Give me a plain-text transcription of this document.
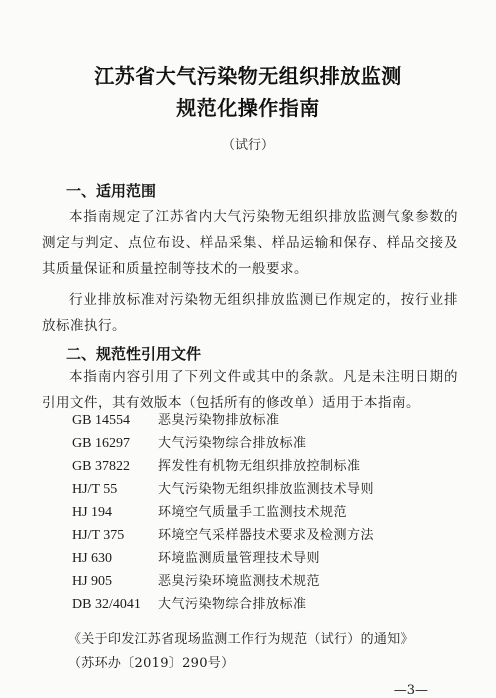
江苏省大气污染物无组织排放监测
规范化操作指南
（试行）
一、适用范围
本指南规定了江苏省内大气污染物无组织排放监测气象参数的测定与判定、点位布设、样品采集、样品运输和保存、样品交接及其质量保证和质量控制等技术的一般要求。
行业排放标准对污染物无组织排放监测已作规定的，按行业排放标准执行。
二、规范性引用文件
本指南内容引用了下列文件或其中的条款。凡是未注明日期的引用文件，其有效版本（包括所有的修改单）适用于本指南。
GB 14554 恶臭污染物排放标准
GB 16297 大气污染物综合排放标准
GB 37822 挥发性有机物无组织排放控制标准
HJ/T 55	大气污染物无组织排放监测技术导则
HJ 194	环境空气质量手工监测技术规范
HJ/T 375	环境空气采样器技术要求及检测方法
HJ 630	环境监测质量管理技术导则
HJ 905	恶臭污染环境监测技术规范
DB 32/4041 大气污染物综合排放标准
《关于印发江苏省现场监测工作行为规范（试行）的通知》
（苏环办〔2019〕290号）
—3—
